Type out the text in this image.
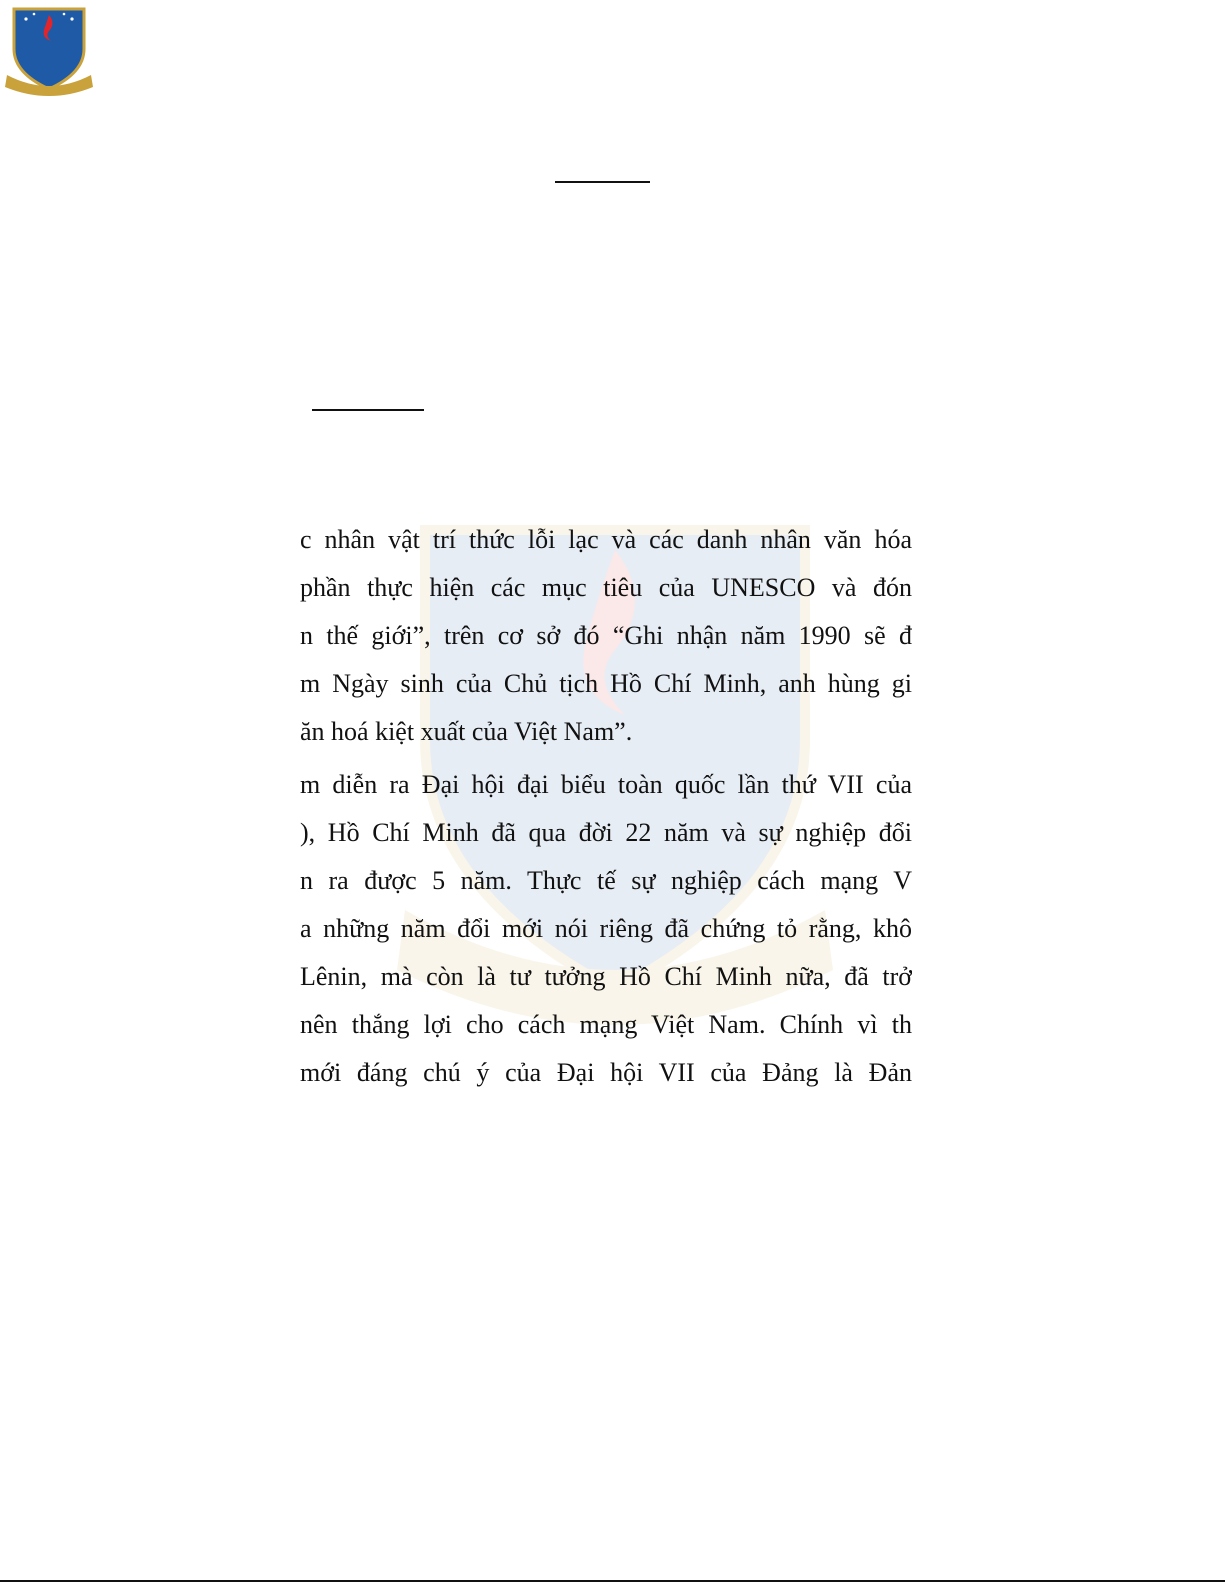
c nhân vật trí thức lỗi lạc và các danh nhân văn hóa
phần thực hiện các mục tiêu của UNESCO và đón
n thế giới”, trên cơ sở đó “Ghi nhận năm 1990 sẽ đ
m Ngày sinh của Chủ tịch Hồ Chí Minh, anh hùng gi
ăn hoá kiệt xuất của Việt Nam”.
m diễn ra Đại hội đại biểu toàn quốc lần thứ VII của
), Hồ Chí Minh đã qua đời 22 năm và sự nghiệp đổi
n ra được 5 năm. Thực tế sự nghiệp cách mạng V
a những năm đổi mới nói riêng đã chứng tỏ rằng, khô
Lênin, mà còn là tư tưởng Hồ Chí Minh nữa, đã trở
nên thắng lợi cho cách mạng Việt Nam. Chính vì th
mới đáng chú ý của Đại hội VII của Đảng là Đản
